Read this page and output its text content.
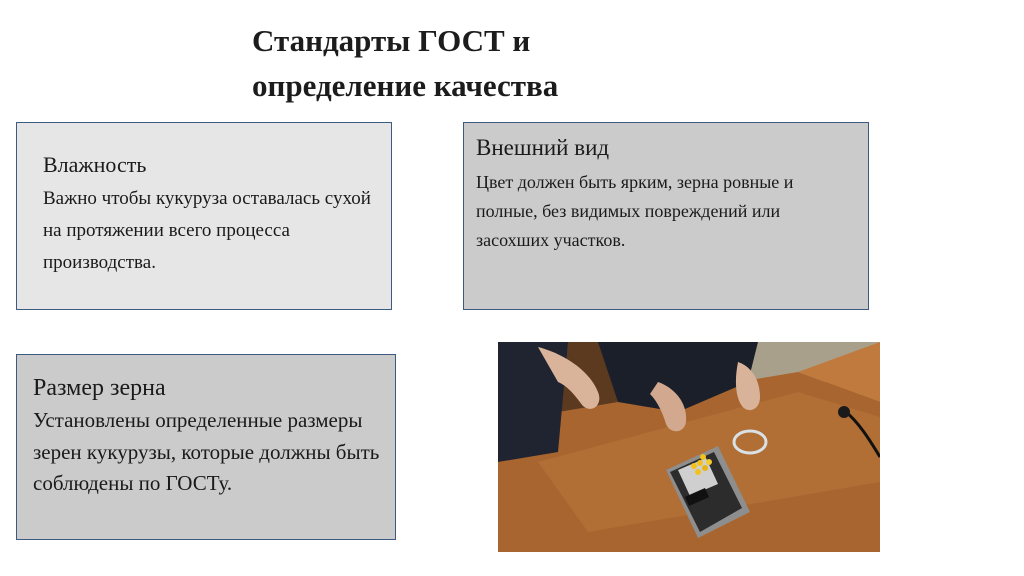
Стандарты ГОСТ и
определение качества
Влажность

Важно чтобы кукуруза оставалась сухой на протяжении всего процесса производства.

Внешний вид

Цвет должен быть ярким, зерна ровные и полные, без видимых повреждений или засохших участков.

Размер зерна

Установлены определенные размеры зерен кукурузы, которые должны быть соблюдены по ГОСТу.
